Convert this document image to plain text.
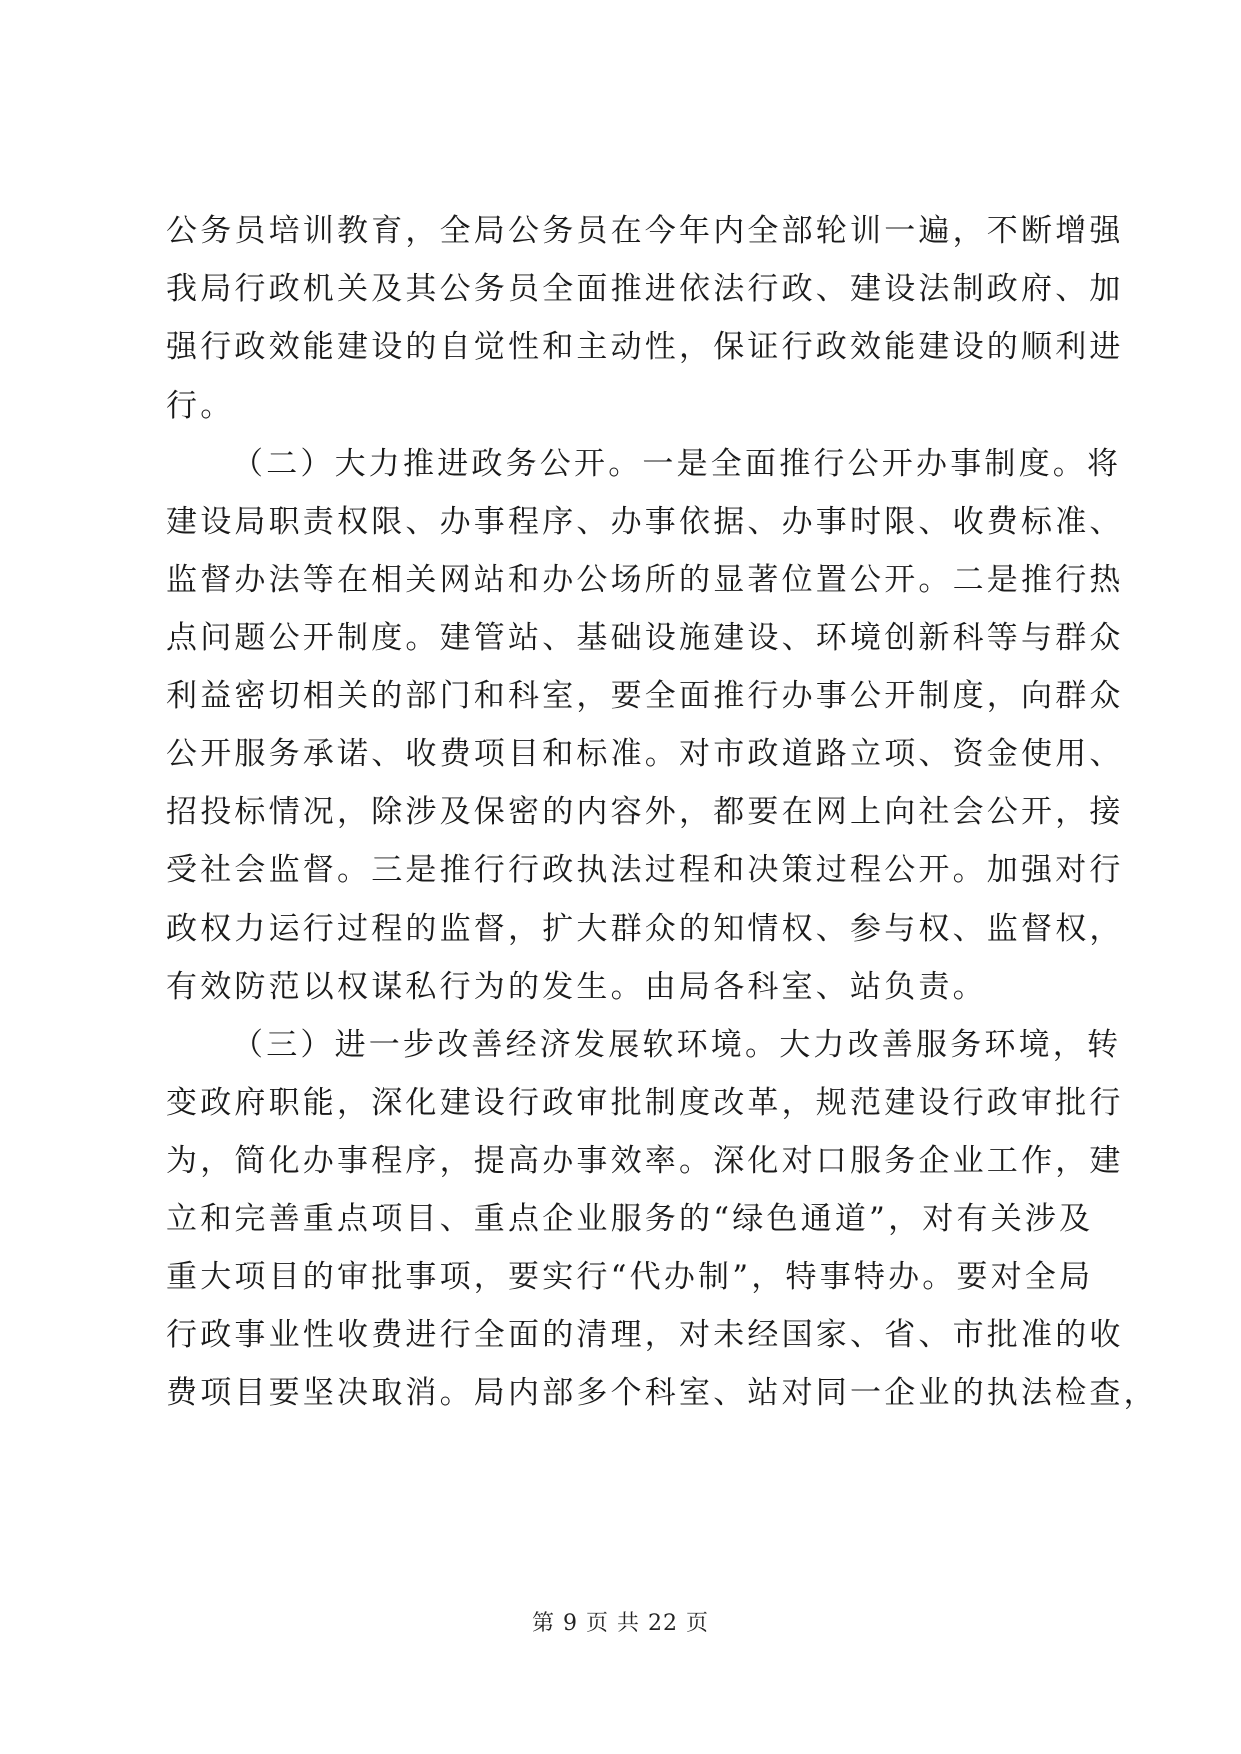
公务员培训教育，全局公务员在今年内全部轮训一遍，不断增强
我局行政机关及其公务员全面推进依法行政、建设法制政府、加
强行政效能建设的自觉性和主动性，保证行政效能建设的顺利进
行。
（二）大力推进政务公开。一是全面推行公开办事制度。将
建设局职责权限、办事程序、办事依据、办事时限、收费标准、
监督办法等在相关网站和办公场所的显著位置公开。二是推行热
点问题公开制度。建管站、基础设施建设、环境创新科等与群众
利益密切相关的部门和科室，要全面推行办事公开制度，向群众
公开服务承诺、收费项目和标准。对市政道路立项、资金使用、
招投标情况，除涉及保密的内容外，都要在网上向社会公开，接
受社会监督。三是推行行政执法过程和决策过程公开。加强对行
政权力运行过程的监督，扩大群众的知情权、参与权、监督权，
有效防范以权谋私行为的发生。由局各科室、站负责。
（三）进一步改善经济发展软环境。大力改善服务环境，转
变政府职能，深化建设行政审批制度改革，规范建设行政审批行
为，简化办事程序，提高办事效率。深化对口服务企业工作，建
立和完善重点项目、重点企业服务的“绿色通道”，对有关涉及
重大项目的审批事项，要实行“代办制”，特事特办。要对全局
行政事业性收费进行全面的清理，对未经国家、省、市批准的收
费项目要坚决取消。局内部多个科室、站对同一企业的执法检查，
第 9 页 共 22 页
